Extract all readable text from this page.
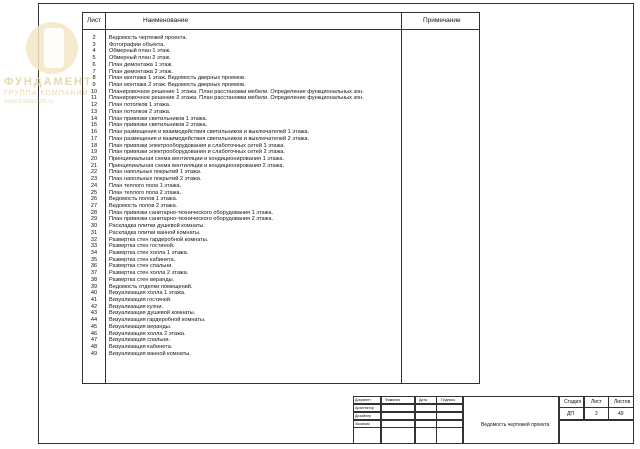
ФУНДАМЕНТ
ГРУППА КОМПАНИЙ
www.fundament.ru
Лист	Наименование	Примечание
2	Ведомость чертежей проекта.
3	Фотографии объекта.
4	Обмерный план 1 этаж.
5	Обмерный план 2 этаж.
6	План демонтажа 1 этаж.
7	План демонтажа 2 этаж.
8	План монтажа 1 этаж. Ведомость дверных проемов.
9	План монтажа 2 этаж. Ведомость дверных проемов.
10	Планировочное решение 1 этажа. План расстановки мебели. Определение функциональных зон.
11	Планировочное решение 2 этажа. План расстановки мебели. Определение функциональных зон.
12	План потолков 1 этажа.
13	План потолков 2 этажа.
14	План привязки светильников 1 этажа.
15	План привязки светильников 2 этажа.
16	План размещения и взаимодействия светильников и выключателей 1 этажа.
17	План размещения и взаимодействия светильников и выключателей 2 этажа.
18	План привязки электрооборудования и слаботочных сетей 1 этажа.
19	План привязки электрооборудования и слаботочных сетей 2 этажа.
20	Принципиальная схема вентиляции и кондиционирования 1 этажа.
21	Принципиальная схема вентиляции и кондиционирования 2 этажа.
22	План напольных покрытий 1 этажа.
23	План напольных покрытий 2 этажа.
24	План теплого пола 1 этажа.
25	План теплого пола 2 этажа.
26	Ведомость полов 1 этажа.
27	Ведомость полов 2 этажа.
28	План привязки санитарно-технического оборудования 1 этажа.
29	План привязки санитарно-технического оборудования 2 этажа.
30	Раскладка плитки душевой комнаты.
31	Раскладка плитки ванной комнаты.
32	Развертка стен гардеробной комнаты.
33	Развертка стен гостиной.
34	Развертка стен холла 1 этажа.
35	Развертка стен кабинета.
36	Развертка стен спальни.
37	Развертка стен холла 2 этажа.
38	Развертка стен веранды.
39	Ведомость отделки помещений.
40	Визуализация холла 1 этажа.
41	Визуализация гостиной.
42	Визуализация кухни.
43	Визуализация душевой комнаты.
44	Визуализация гардеробной комнаты.
45	Визуализация веранды.
46	Визуализация холла 2 этажа.
47	Визуализация спальни.
48	Визуализация кабинета.
49	Визуализация ванной комнаты.
Документ	Фамилия	Дата	Подпись
Архитектор
Дизайнер
Заказчик	Ведомость чертежей проекта
Стадия Лист Листов
ДП	2	49
